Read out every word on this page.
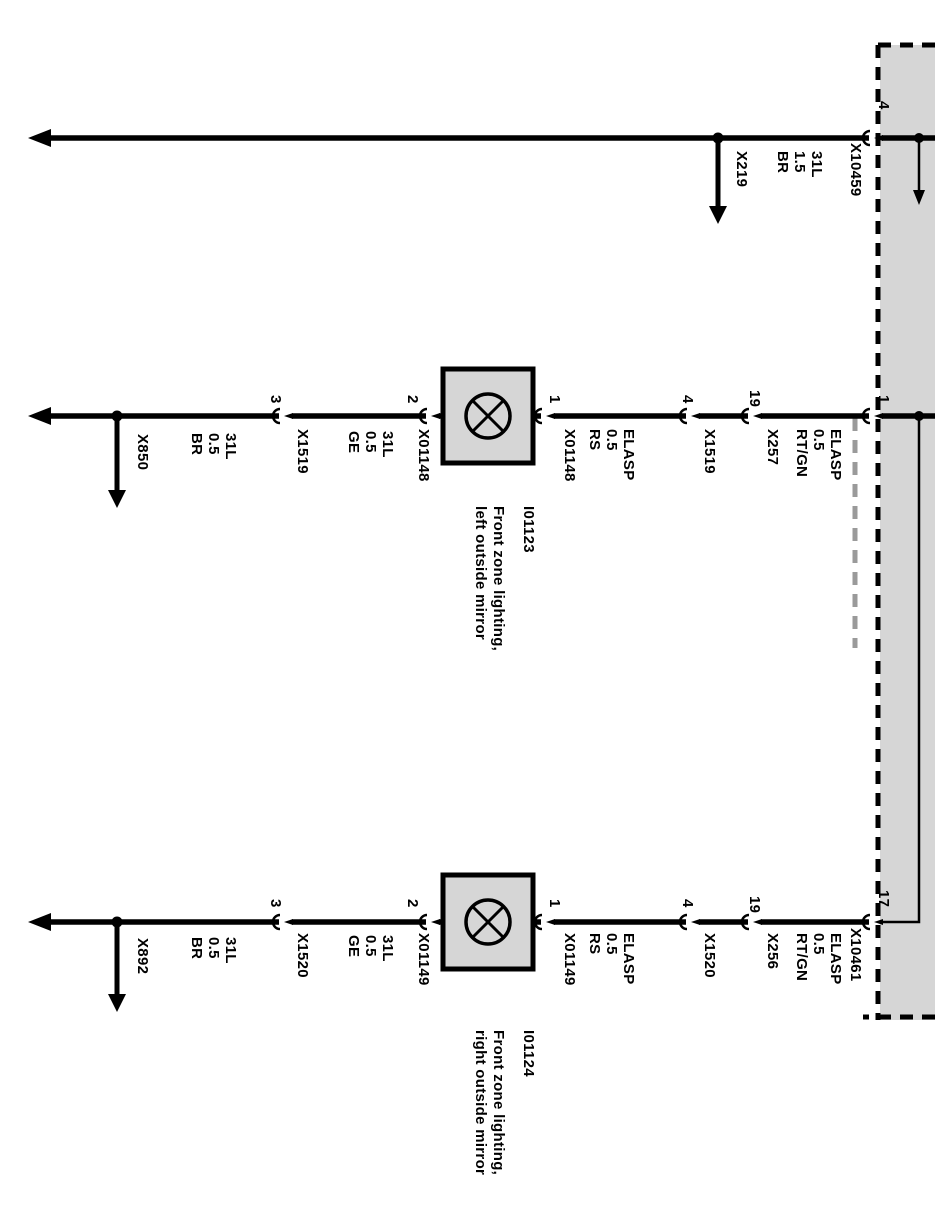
4
X10459
31L
1.5
BR
X219
1
ELASP
0.5
RT/GN
X257
19
X1519
4
ELASP
0.5
RS
X01148
1
X01148
2
31L
0.5
GE
X1519
3
31L
0.5
BR
X850
I01123
Front zone lighting,
left outside mirror
17
X10461
ELASP
0.5
RT/GN
X256
19
X1520
4
ELASP
0.5
RS
X01149
1
X01149
2
31L
0.5
GE
X1520
3
31L
0.5
BR
X892
I01124
Front zone lighting,
right outside mirror
